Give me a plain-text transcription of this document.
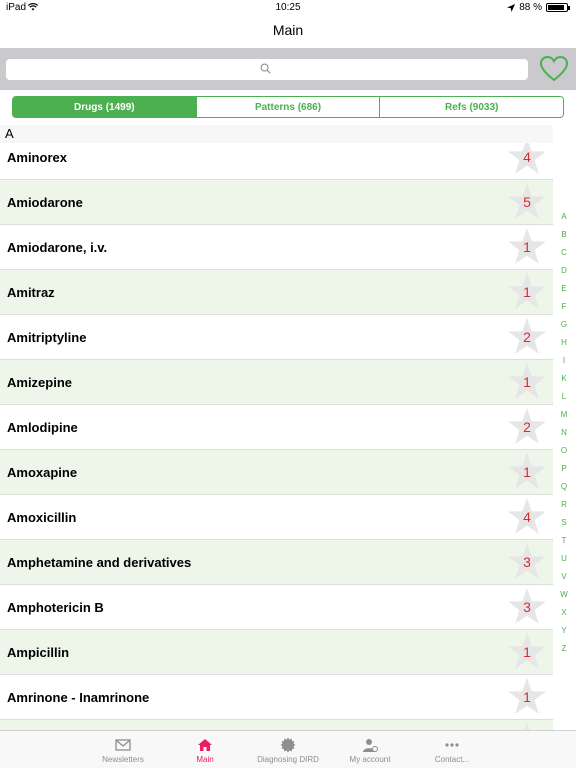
iPad	10:25	88 %
Main
Drugs (1499)	Patterns (686)	Refs (9033)
Aminorex	4
Amiodarone	5
Amiodarone, i.v.	1
Amitraz	1
Amitriptyline	2
Amizepine	1
Amlodipine	2
Amoxapine	1
Amoxicillin	4
Amphetamine and derivatives	3
Amphotericin B	3
Ampicillin	1
Amrinone - Inamrinone	1
A
A
B
C
D
E
F
G
H
I
K
L
M
N
O
P
Q
R
S
T
U
V
W
X
Y
Z
Newsletters	Main	Diagnosing DIRD	My account	Contact...
